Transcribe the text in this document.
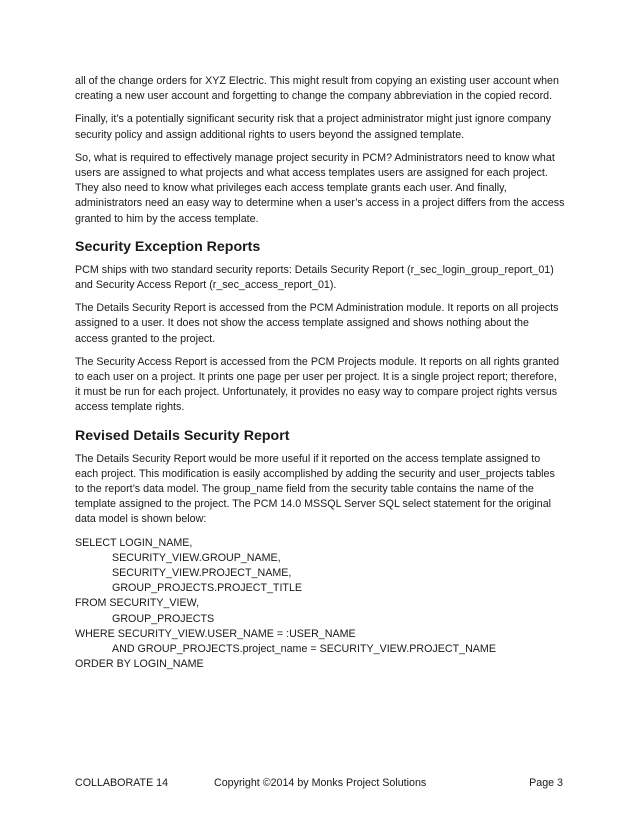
all of the change orders for XYZ Electric. This might result from copying an existing user account when creating a new user account and forgetting to change the company abbreviation in the copied record.

Finally, it’s a potentially significant security risk that a project administrator might just ignore company security policy and assign additional rights to users beyond the assigned template.

So, what is required to effectively manage project security in PCM? Administrators need to know what users are assigned to what projects and what access templates users are assigned for each project. They also need to know what privileges each access template grants each user. And finally, administrators need an easy way to determine when a user’s access in a project differs from the access granted to him by the access template.

Security Exception Reports

PCM ships with two standard security reports: Details Security Report (r_sec_login_group_report_01) and Security Access Report (r_sec_access_report_01).

The Details Security Report is accessed from the PCM Administration module. It reports on all projects assigned to a user. It does not show the access template assigned and shows nothing about the access granted to the project.

The Security Access Report is accessed from the PCM Projects module. It reports on all rights granted to each user on a project. It prints one page per user per project. It is a single project report; therefore, it must be run for each project. Unfortunately, it provides no easy way to compare project rights versus access template rights.

Revised Details Security Report

The Details Security Report would be more useful if it reported on the access template assigned to each project. This modification is easily accomplished by adding the security and user_projects tables to the report’s data model. The group_name field from the security table contains the name of the template assigned to the project. The PCM 14.0 MSSQL Server SQL select statement for the original data model is shown below:

SELECT LOGIN_NAME,
SECURITY_VIEW.GROUP_NAME,
SECURITY_VIEW.PROJECT_NAME,
GROUP_PROJECTS.PROJECT_TITLE
FROM SECURITY_VIEW,
GROUP_PROJECTS
WHERE SECURITY_VIEW.USER_NAME = :USER_NAME
AND GROUP_PROJECTS.project_name = SECURITY_VIEW.PROJECT_NAME
ORDER BY LOGIN_NAME
COLLABORATE 14	Copyright ©2014 by Monks Project Solutions	Page 3
